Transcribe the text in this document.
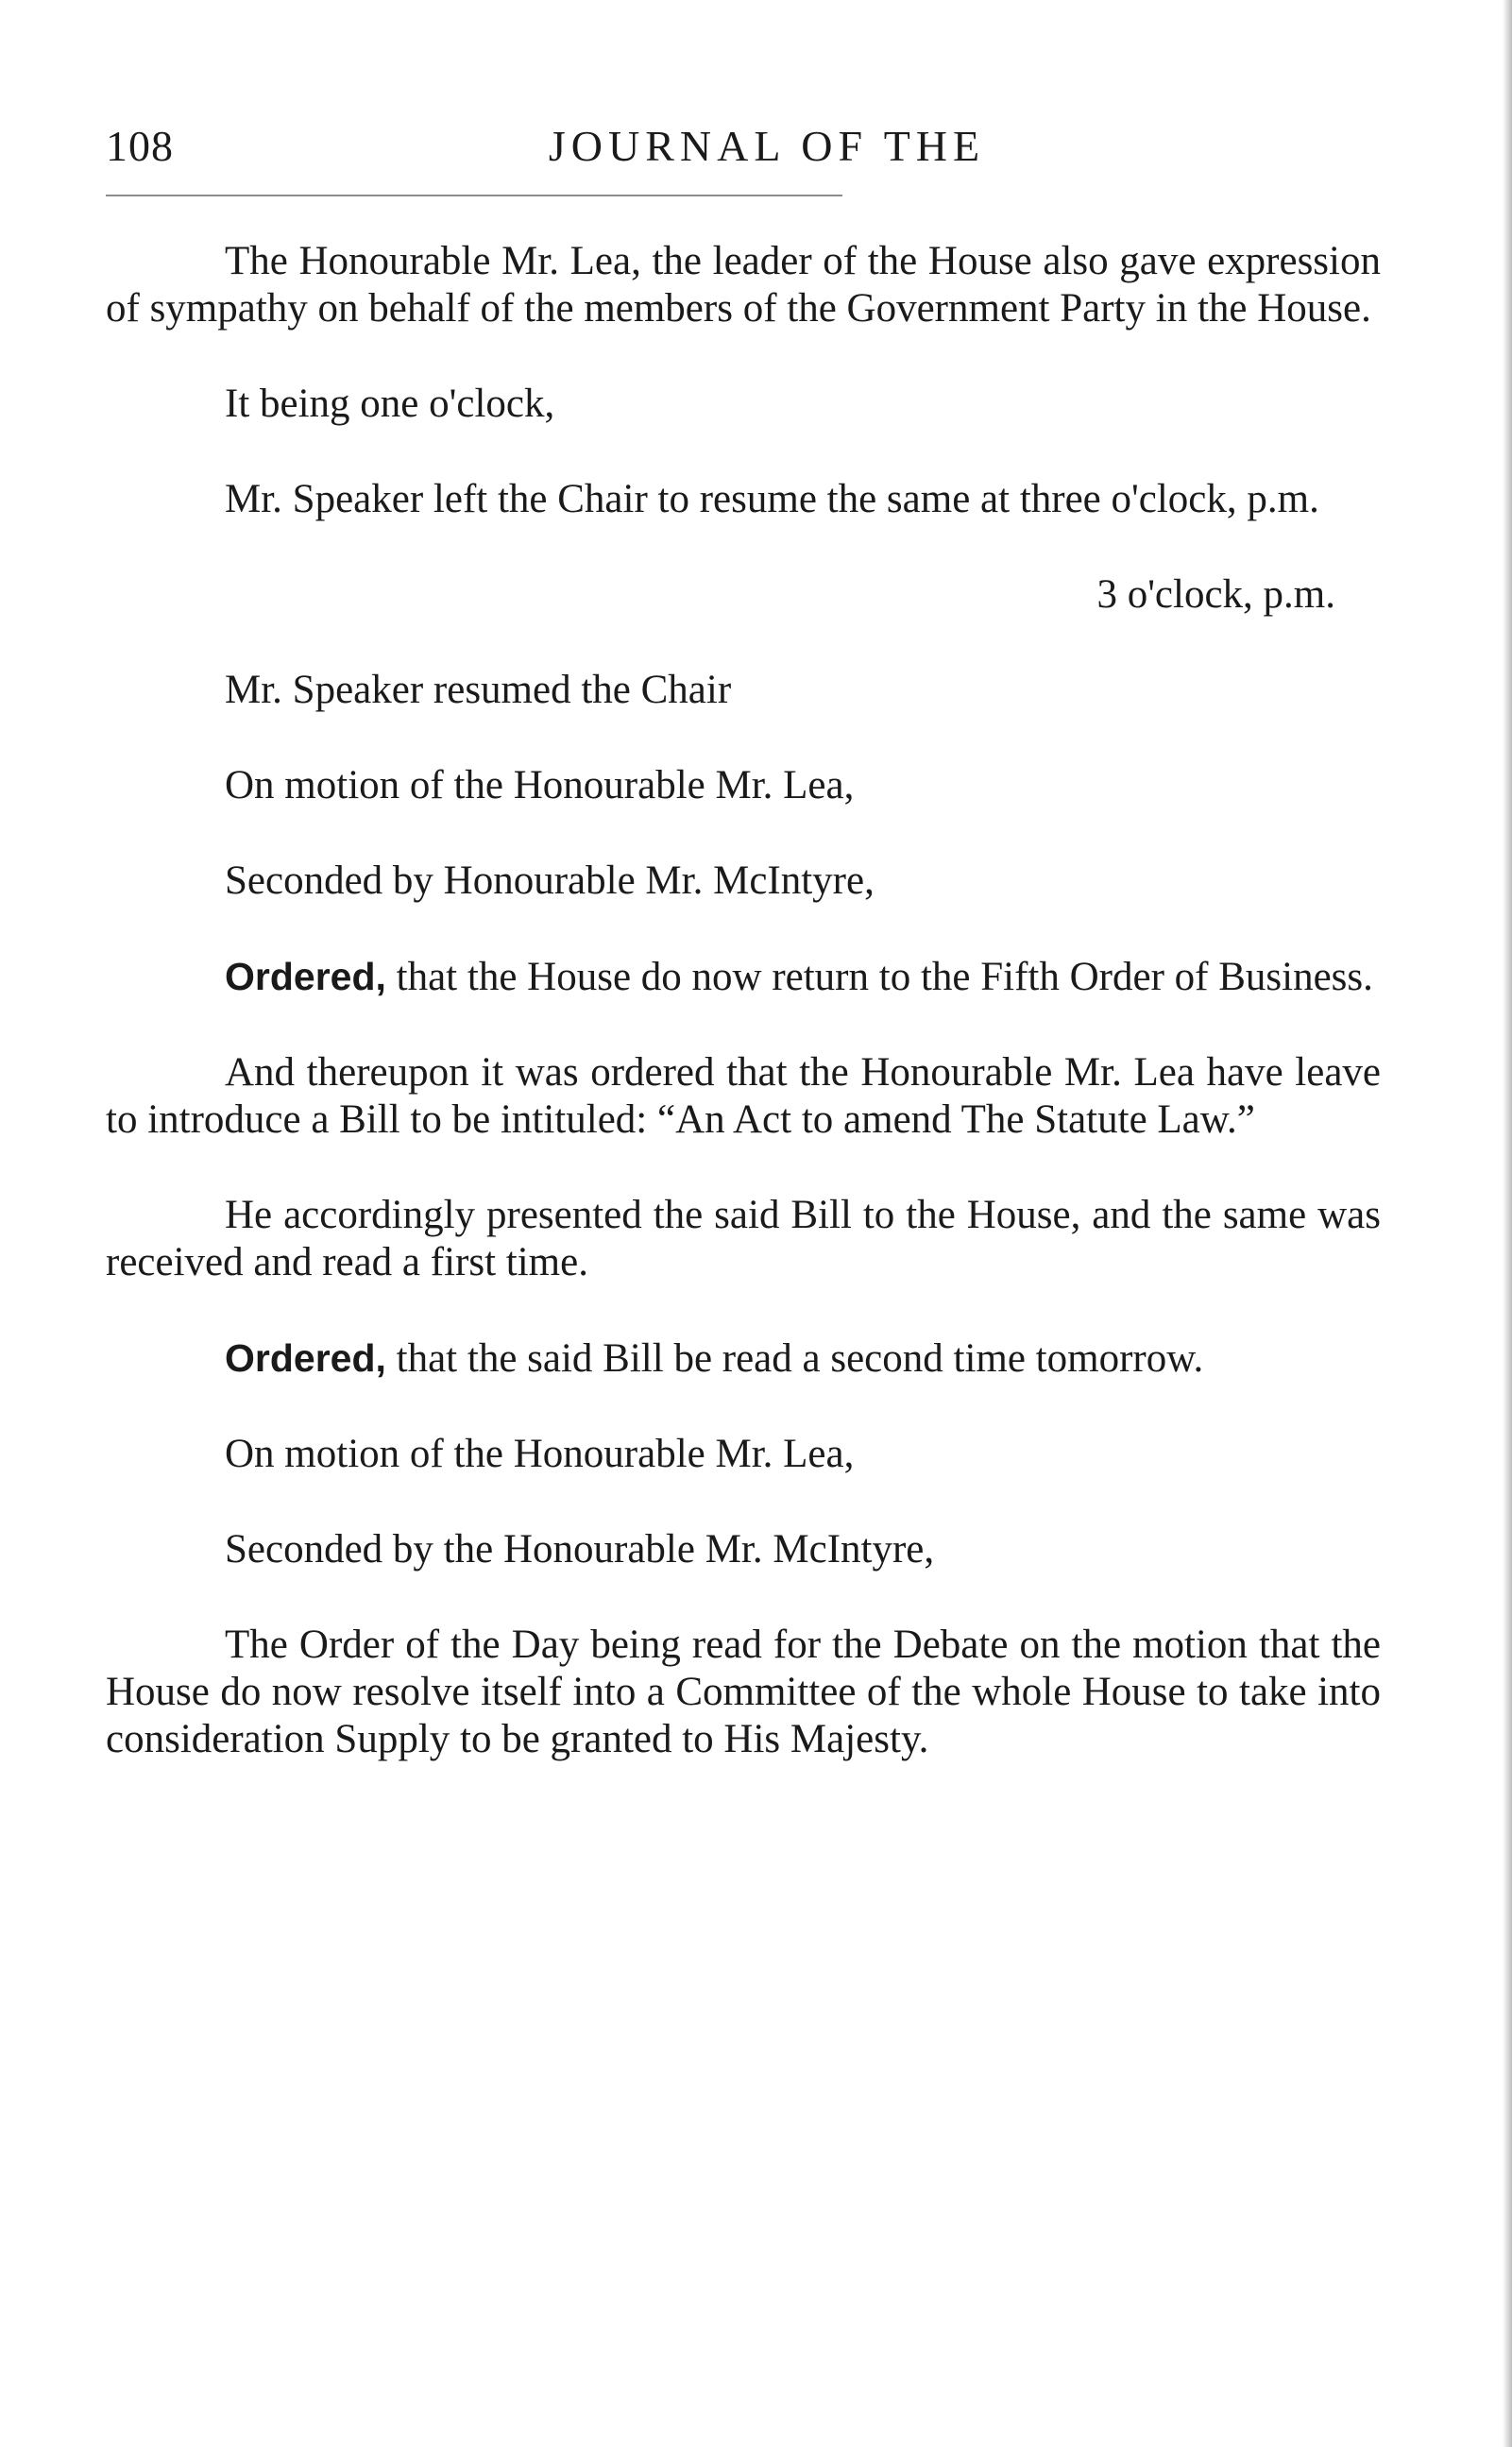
108	JOURNAL OF THE

The Honourable Mr. Lea, the leader of the House also gave expression of sympathy on behalf of the members of the Government Party in the House.

It being one o'clock,

Mr. Speaker left the Chair to resume the same at three o'clock, p.m.

3 o'clock, p.m.

Mr. Speaker resumed the Chair

On motion of the Honourable Mr. Lea,

Seconded by Honourable Mr. McIntyre,

Ordered, that the House do now return to the Fifth Order of Business.

And thereupon it was ordered that the Honourable Mr. Lea have leave to introduce a Bill to be intituled: “An Act to amend The Statute Law.”

He accordingly presented the said Bill to the House, and the same was received and read a first time.

Ordered, that the said Bill be read a second time tomorrow.

On motion of the Honourable Mr. Lea,

Seconded by the Honourable Mr. McIntyre,

The Order of the Day being read for the Debate on the motion that the House do now resolve itself into a Committee of the whole House to take into consideration Supply to be granted to His Majesty.
